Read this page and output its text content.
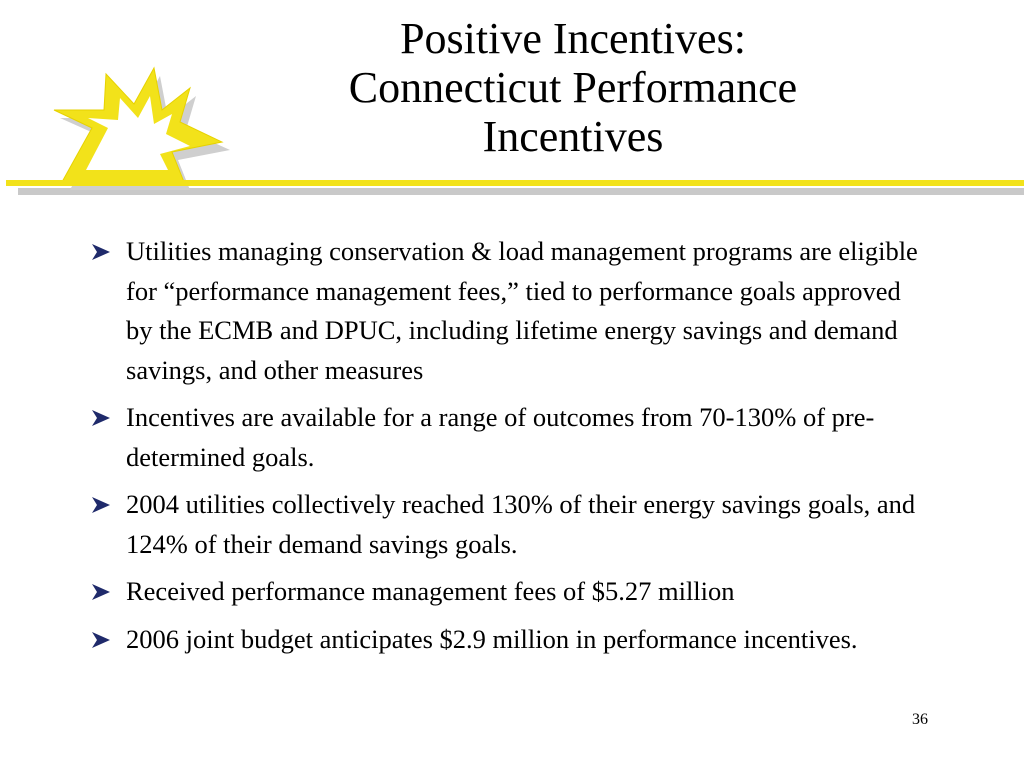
Positive Incentives:
Connecticut Performance
Incentives
Utilities managing conservation & load management programs are eligible for “performance management fees,” tied to performance goals approved by the ECMB and DPUC, including lifetime energy savings and demand savings, and other measures
Incentives are available for a range of outcomes from 70-130% of pre-determined goals.
2004 utilities collectively reached 130% of their energy savings goals, and 124% of their demand savings goals.
Received performance management fees of $5.27 million
2006 joint budget anticipates $2.9 million in performance incentives.
36
